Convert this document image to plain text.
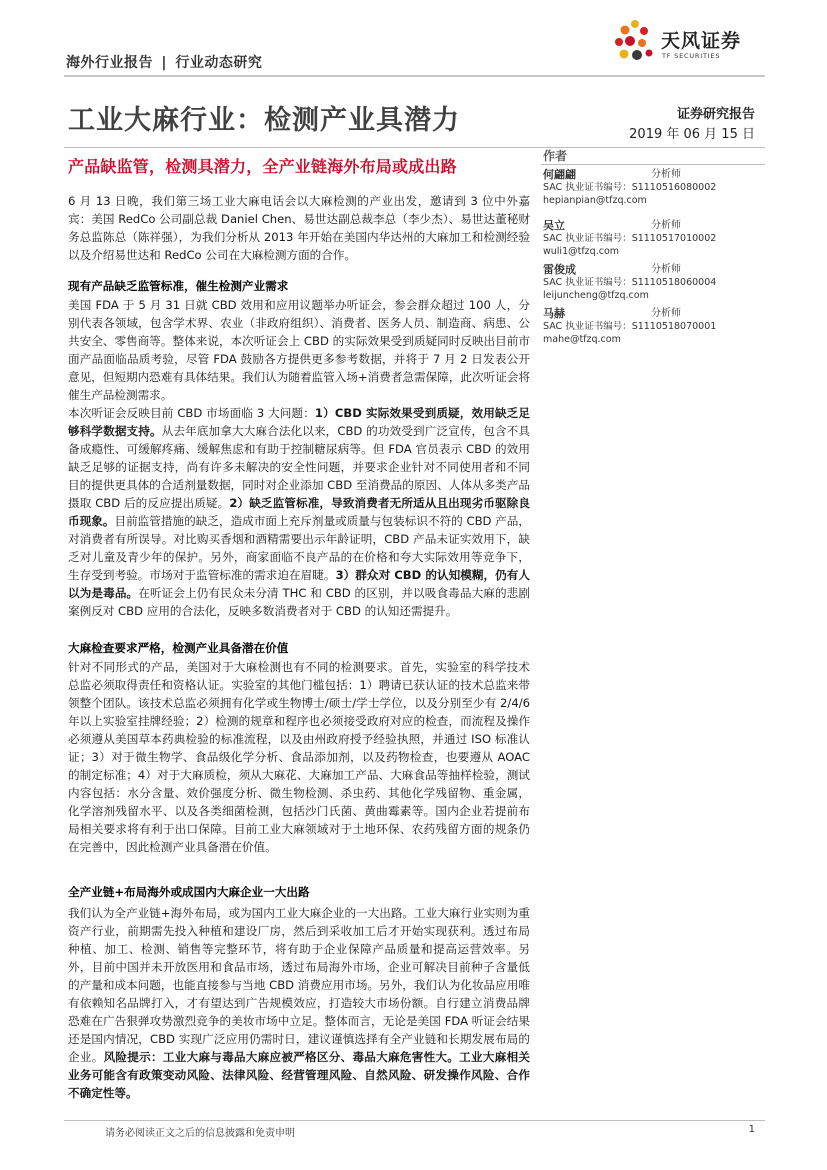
海外行业报告 | 行业动态研究
天风证券
TF SECURITIES
工业大麻行业：检测产业具潜力	证券研究报告
2019 年 06 月 15 日
产品缺监管，检测具潜力，全产业链海外布局或成出路
作者
何翩翩	分析师
SAC 执业证书编号：S1110516080002
hepianpian@tfzq.com
吴立	分析师
SAC 执业证书编号：S1110517010002
wuli1@tfzq.com
雷俊成	分析师
SAC 执业证书编号：S1110518060004
leijuncheng@tfzq.com
马赫	分析师
SAC 执业证书编号：S1110518070001
mahe@tfzq.com
6 月 13 日晚，我们第三场工业大麻电话会以大麻检测的产业出发，邀请到 3 位中外嘉宾：美国 RedCo 公司副总裁 Daniel Chen、易世达副总裁李总（李少杰）、易世达董秘财务总监陈总（陈祥强），为我们分析从 2013 年开始在美国内华达州的大麻加工和检测经验以及介绍易世达和 RedCo 公司在大麻检测方面的合作。
现有产品缺乏监管标准，催生检测产业需求
美国 FDA 于 5 月 31 日就 CBD 效用和应用议题举办听证会，参会群众超过 100 人，分别代表各领域，包含学术界、农业（非政府组织）、消费者、医务人员、制造商、病患、公共安全、零售商等。整体来说，本次听证会上 CBD 的实际效果受到质疑同时反映出目前市面产品面临品质考验，尽管 FDA 鼓励各方提供更多参考数据，并将于 7 月 2 日发表公开意见，但短期内恐难有具体结果。我们认为随着监管入场+消费者急需保障，此次听证会将催生产品检测需求。
本次听证会反映目前 CBD 市场面临 3 大问题：1）CBD 实际效果受到质疑，效用缺乏足够科学数据支持。从去年底加拿大大麻合法化以来，CBD 的功效受到广泛宣传，包含不具备成瘾性、可缓解疼痛、缓解焦虑和有助于控制糖尿病等。但 FDA 官员表示 CBD 的效用缺乏足够的证据支持，尚有许多未解决的安全性问题，并要求企业针对不同使用者和不同目的提供更具体的合适剂量数据，同时对企业添加 CBD 至消费品的原因、人体从多类产品摄取 CBD 后的反应提出质疑。2）缺乏监管标准，导致消费者无所适从且出现劣币驱除良币现象。目前监管措施的缺乏，造成市面上充斥剂量或质量与包装标识不符的 CBD 产品，对消费者有所误导。对比购买香烟和酒精需要出示年龄证明，CBD 产品未证实效用下，缺乏对儿童及青少年的保护。另外，商家面临不良产品的在价格和夸大实际效用等竞争下，生存受到考验。市场对于监管标准的需求迫在眉睫。3）群众对 CBD 的认知模糊，仍有人以为是毒品。在听证会上仍有民众未分清 THC 和 CBD 的区别，并以吸食毒品大麻的悲剧案例反对 CBD 应用的合法化，反映多数消费者对于 CBD 的认知还需提升。
大麻检查要求严格，检测产业具备潜在价值
针对不同形式的产品，美国对于大麻检测也有不同的检测要求。首先，实验室的科学技术总监必须取得责任和资格认证。实验室的其他门槛包括：1）聘请已获认证的技术总监来带领整个团队。该技术总监必须拥有化学或生物博士/硕士/学士学位，以及分别至少有 2/4/6 年以上实验室挂牌经验；2）检测的规章和程序也必须接受政府对应的检查，而流程及操作必须遵从美国草本药典检验的标准流程，以及由州政府授予经验执照，并通过 ISO 标准认证；3）对于微生物学、食品级化学分析、食品添加剂，以及药物检查，也要遵从 AOAC 的制定标准；4）对于大麻质检，须从大麻花、大麻加工产品、大麻食品等抽样检验，测试内容包括：水分含量、效价强度分析、微生物检测、杀虫药、其他化学残留物、重金属，化学溶剂残留水平、以及各类细菌检测，包括沙门氏菌、黄曲霉素等。国内企业若提前布局相关要求将有利于出口保障。目前工业大麻领域对于土地环保、农药残留方面的规条仍在完善中，因此检测产业具备潜在价值。
全产业链+布局海外或成国内大麻企业一大出路
我们认为全产业链+海外布局，或为国内工业大麻企业的一大出路。工业大麻行业实则为重资产行业，前期需先投入种植和建设厂房，然后到采收加工后才开始实现获利。透过布局种植、加工、检测、销售等完整环节，将有助于企业保障产品质量和提高运营效率。另外，目前中国并未开放医用和食品市场，透过布局海外市场，企业可解决目前种子含量低的产量和成本问题，也能直接参与当地 CBD 消费应用市场。另外，我们认为化妆品应用唯有依赖知名品牌打入，才有望达到广告规模效应，打造较大市场份额。自行建立消费品牌恐难在广告狠弹攻势激烈竞争的美妆市场中立足。整体而言，无论是美国 FDA 听证会结果还是国内情况，CBD 实现广泛应用仍需时日，建议谨慎选择有全产业链和长期发展布局的企业。风险提示：工业大麻与毒品大麻应被严格区分、毒品大麻危害性大。工业大麻相关业务可能含有政策变动风险、法律风险、经营管理风险、自然风险、研发操作风险、合作不确定性等。
请务必阅读正文之后的信息披露和免责申明	1
